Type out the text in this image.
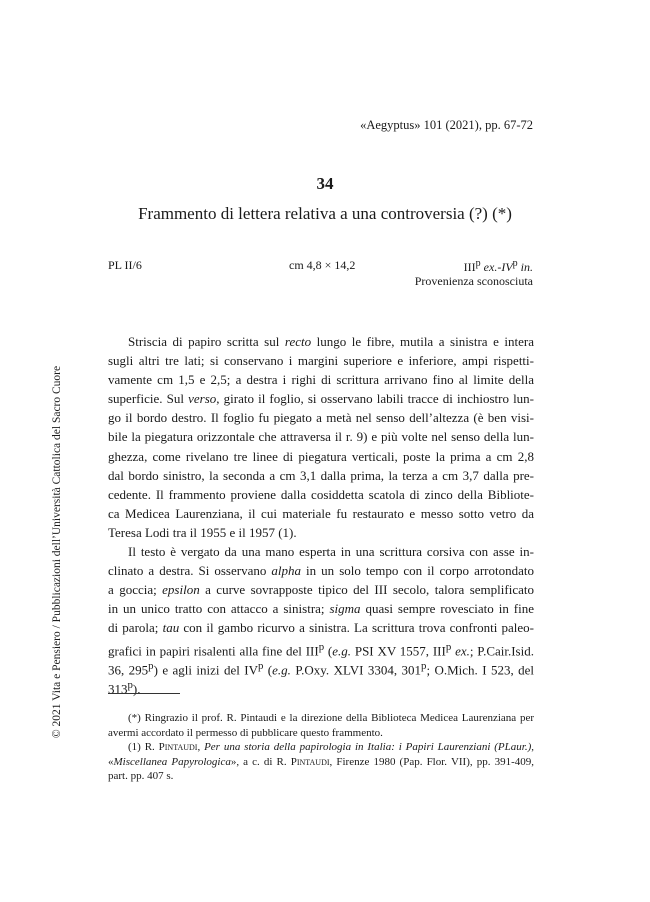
«Aegyptus» 101 (2021), pp. 67-72
34
Frammento di lettera relativa a una controversia (?) (*)
PL II/6	cm 4,8 × 14,2	III$^p$ $ex.-IV^p$ in.
Provenienza sconosciuta
Striscia di papiro scritta sul recto lungo le fibre, mutila a sinistra e intera
sugli altri tre lati; si conservano i margini superiore e inferiore, ampi rispetti-
vamente cm 1,5 e 2,5; a destra i righi di scrittura arrivano fino al limite della
superficie. Sul verso, girato il foglio, si osservano labili tracce di inchiostro lun-
go il bordo destro. Il foglio fu piegato a metà nel senso dell’altezza (è ben visi-
bile la piegatura orizzontale che attraversa il r. 9) e più volte nel senso della lun-
ghezza, come rivelano tre linee di piegatura verticali, poste la prima a cm 2,8
dal bordo sinistro, la seconda a cm 3,1 dalla prima, la terza a cm 3,7 dalla pre-
cedente. Il frammento proviene dalla cosiddetta scatola di zinco della Bibliote-
ca Medicea Laurenziana, il cui materiale fu restaurato e messo sotto vetro da
Teresa Lodi tra il 1955 e il 1957 (1).
Il testo è vergato da una mano esperta in una scrittura corsiva con asse in-
clinato a destra. Si osservano alpha in un solo tempo con il corpo arrotondato
a goccia; epsilon a curve sovrapposte tipico del III secolo, talora semplificato
in un unico tratto con attacco a sinistra; sigma quasi sempre rovesciato in fine
di parola; tau con il gambo ricurvo a sinistra. La scrittura trova confronti paleo-
grafici in papiri risalenti alla fine del III$^p$ (e.g. PSI XV 1557, III$^p$ ex.; P.Cair.Isid.
36, 295$^p$) e agli inizi del $IV^p$ (e.g. P.Oxy. XLVI 3304, 301$^p$; O.Mich. I 523, del
313$^p$).
(*) Ringrazio il prof. R. Pintaudi e la direzione della Biblioteca Medicea Laurenziana per
avermi accordato il permesso di pubblicare questo frammento.
(1) R. Pintaudi, Per una storia della papirologia in Italia: i Papiri Laurenziani (PLaur.),
«Miscellanea Papyrologica», a c. di R. Pintaudi, Firenze 1980 (Pap. Flor. VII), pp. 391-409,
part. pp. 407 s.
© 2021 Vita e Pensiero / Pubblicazioni dell’Università Cattolica del Sacro Cuore
